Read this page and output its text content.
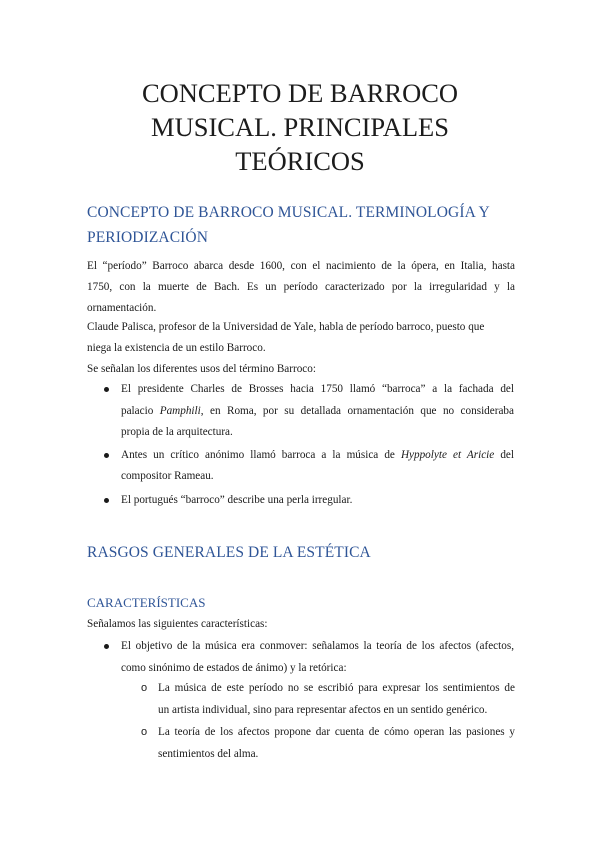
CONCEPTO DE BARROCO
MUSICAL. PRINCIPALES
TEÓRICOS
CONCEPTO DE BARROCO MUSICAL. TERMINOLOGÍA Y
PERIODIZACIÓN

El “período” Barroco abarca desde 1600, con el nacimiento de la ópera, en Italia, hasta
1750, con la muerte de Bach. Es un período caracterizado por la irregularidad y la
ornamentación.

Claude Palisca, profesor de la Universidad de Yale, habla de período barroco, puesto que
niega la existencia de un estilo Barroco.

Se señalan los diferentes usos del término Barroco:

El presidente Charles de Brosses hacia 1750 llamó “barroca” a la fachada del
palacio Pamphili, en Roma, por su detallada ornamentación que no consideraba
propia de la arquitectura.
Antes un crítico anónimo llamó barroca a la música de Hyppolyte et Aricie del
compositor Rameau.
El portugués “barroco” describe una perla irregular.
RASGOS GENERALES DE LA ESTÉTICA
CARACTERÍSTICAS

Señalamos las siguientes características:

El objetivo de la música era conmover: señalamos la teoría de los afectos (afectos,
como sinónimo de estados de ánimo) y la retórica:
o La música de este período no se escribió para expresar los sentimientos de
un artista individual, sino para representar afectos en un sentido genérico.
o La teoría de los afectos propone dar cuenta de cómo operan las pasiones y
sentimientos del alma.
